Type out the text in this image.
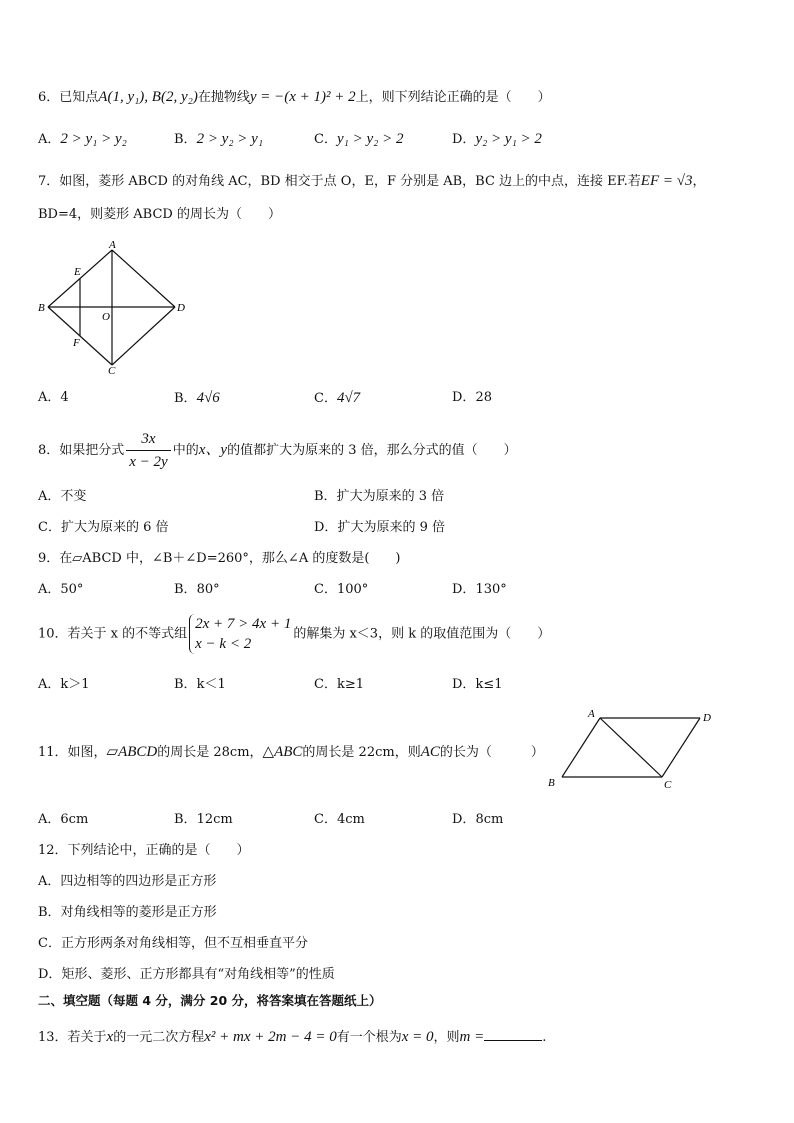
6．已知点A(1, y₁), B(2, y₂)在抛物线y = −(x + 1)² + 2上，则下列结论正确的是（　　）
A．2 > y₁ > y₂	B．2 > y₂ > y₁	C．y₁ > y₂ > 2	D．y₂ > y₁ > 2
7．如图，菱形 ABCD 的对角线 AC，BD 相交于点 O，E，F 分别是 AB，BC 边上的中点，连接 EF.若EF = √3，
BD=4，则菱形 ABCD 的周长为（　　）
A
B
C
D
E
F
O
A．4	B．4√6	C．4√7	D．28
8．如果把分式 $\frac{3x}{x - 2y}$ 中的x、y的值都扩大为原来的 3 倍，那么分式的值（　　）
A．不变	B．扩大为原来的 3 倍
C．扩大为原来的 6 倍	D．扩大为原来的 9 倍
9．在▱ABCD 中，∠B＋∠D=260°，那么∠A 的度数是(　　)
A．50°	B．80°	C．100°	D．130°
10．若关于 x 的不等式组
2x + 7 > 4x + 1
x − k < 2
的解集为 x＜3，则 k 的取值范围为（　　）
A．k＞1	B．k＜1	C．k≥1	D．k≤1
11．如图，▱ABCD的周长是 28cm，△ABC的周长是 22cm，则AC的长为（　　　）
A	D
B	C
A．6cm	B．12cm	C．4cm	D．8cm
12．下列结论中，正确的是（　　）
A．四边相等的四边形是正方形
B．对角线相等的菱形是正方形
C．正方形两条对角线相等，但不互相垂直平分
D．矩形、菱形、正方形都具有“对角线相等”的性质
二、填空题（每题 4 分，满分 20 分，将答案填在答题纸上）
13．若关于x的一元二次方程x² + mx + 2m − 4 = 0有一个根为x = 0，则m =	.
